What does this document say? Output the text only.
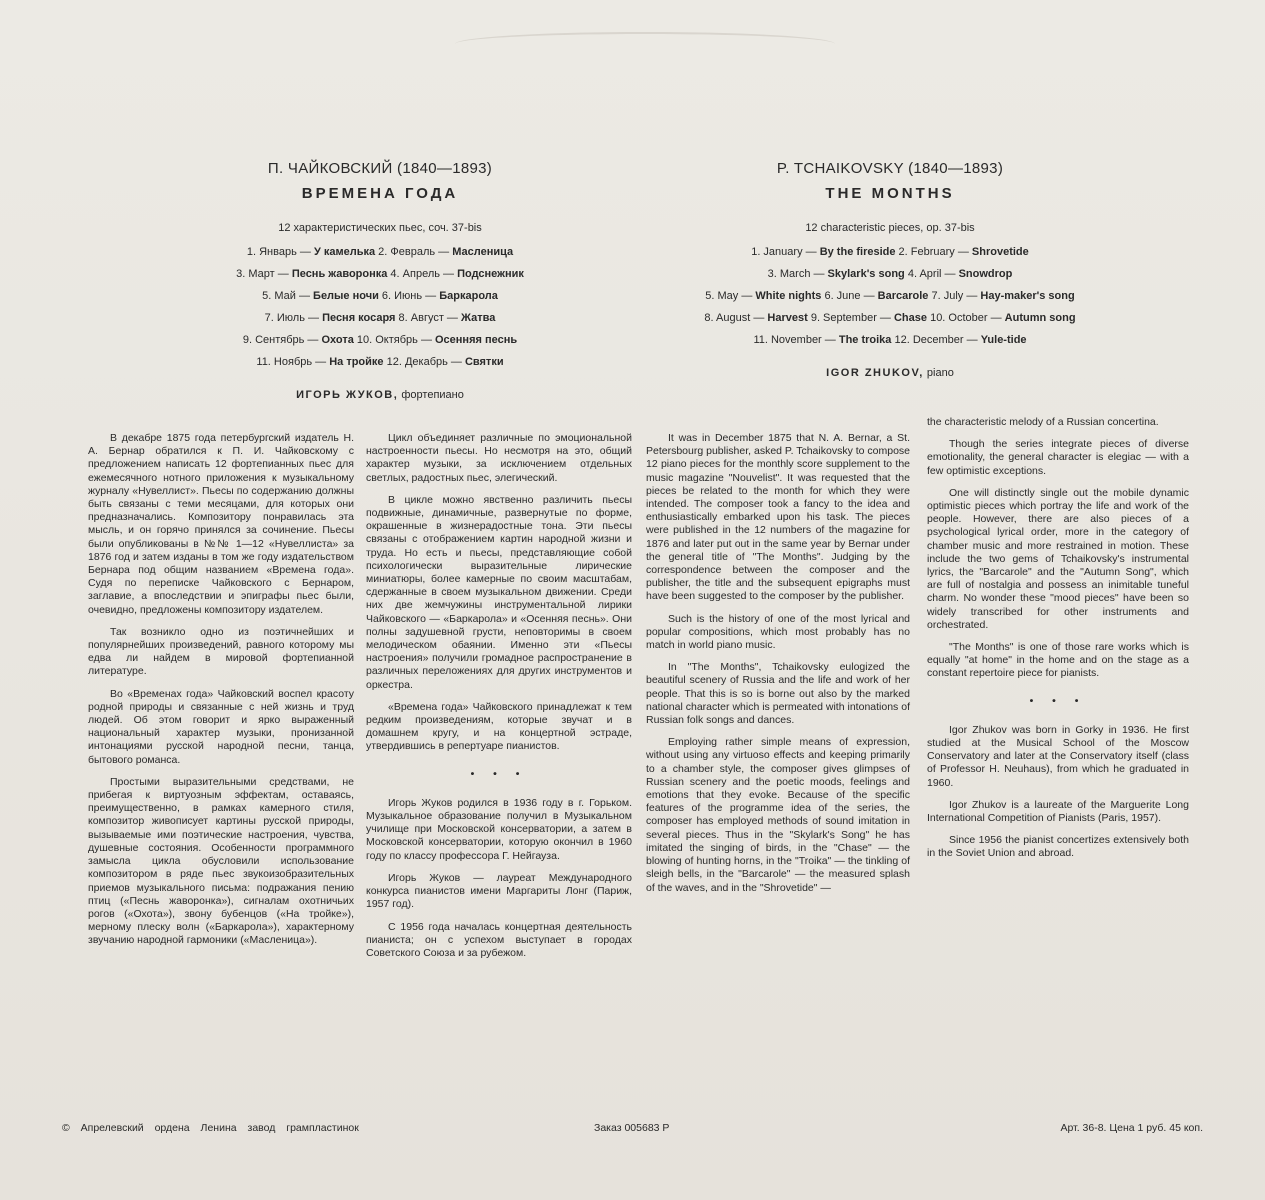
П. ЧАЙКОВСКИЙ (1840—1893)

ВРЕМЕНА ГОДА

12 характеристических пьес, соч. 37-bis

1. Январь — У камелька 2. Февраль — Масленица

3. Март — Песнь жаворонка 4. Апрель — Подснежник

5. Май — Белые ночи 6. Июнь — Баркарола

7. Июль — Песня косаря 8. Август — Жатва

9. Сентябрь — Охота 10. Октябрь — Осенняя песнь

11. Ноябрь — На тройке 12. Декабрь — Святки

ИГОРЬ ЖУКОВ, фортепиано

P. TCHAIKOVSKY (1840—1893)

THE MONTHS

12 characteristic pieces, op. 37-bis

1. January — By the fireside 2. February — Shrovetide

3. March — Skylark's song 4. April — Snowdrop

5. May — White nights 6. June — Barcarole 7. July — Hay-maker's song

8. August — Harvest 9. September — Chase 10. October — Autumn song

11. November — The troika 12. December — Yule-tide

IGOR ZHUKOV, piano

В декабре 1875 года петербургский издатель Н. А. Бернар обратился к П. И. Чайковскому с предложением написать 12 фортепианных пьес для ежемесячного нотного приложения к музыкальному журналу «Нувеллист». Пьесы по содержанию должны быть связаны с теми месяцами, для которых они предназначались. Композитору понравилась эта мысль, и он горячо принялся за сочинение. Пьесы были опубликованы в №№ 1—12 «Нувеллиста» за 1876 год и затем изданы в том же году издательством Бернара под общим названием «Времена года». Судя по переписке Чайковского с Бернаром, заглавие, а впоследствии и эпиграфы пьес были, очевидно, предложены композитору издателем.

Так возникло одно из поэтичнейших и популярнейших произведений, равного которому мы едва ли найдем в мировой фортепианной литературе.

Во «Временах года» Чайковский воспел красоту родной природы и связанные с ней жизнь и труд людей. Об этом говорит и ярко выраженный национальный характер музыки, пронизанной интонациями русской народной песни, танца, бытового романса.

Простыми выразительными средствами, не прибегая к виртуозным эффектам, оставаясь, преимущественно, в рамках камерного стиля, композитор живописует картины русской природы, вызываемые ими поэтические настроения, чувства, душевные состояния. Особенности программного замысла цикла обусловили использование композитором в ряде пьес звукоизобразительных приемов музыкального письма: подражания пению птиц («Песнь жаворонка»), сигналам охотничьих рогов («Охота»), звону бубенцов («На тройке»), мерному плеску волн («Баркарола»), характерному звучанию народной гармоники («Масленица»).

Цикл объединяет различные по эмоциональной настроенности пьесы. Но несмотря на это, общий характер музыки, за исключением отдельных светлых, радостных пьес, элегический.

В цикле можно явственно различить пьесы подвижные, динамичные, развернутые по форме, окрашенные в жизнерадостные тона. Эти пьесы связаны с отображением картин народной жизни и труда. Но есть и пьесы, представляющие собой психологически выразительные лирические миниатюры, более камерные по своим масштабам, сдержанные в своем музыкальном движении. Среди них две жемчужины инструментальной лирики Чайковского — «Баркарола» и «Осенняя песнь». Они полны задушевной грусти, неповторимы в своем мелодическом обаянии. Именно эти «Пьесы настроения» получили громадное распространение в различных переложениях для других инструментов и оркестра.

«Времена года» Чайковского принадлежат к тем редким произведениям, которые звучат и в домашнем кругу, и на концертной эстраде, утвердившись в репертуаре пианистов.

• • •

Игорь Жуков родился в 1936 году в г. Горьком. Музыкальное образование получил в Музыкальном училище при Московской консерватории, а затем в Московской консерватории, которую окончил в 1960 году по классу профессора Г. Нейгауза.

Игорь Жуков — лауреат Международного конкурса пианистов имени Маргариты Лонг (Париж, 1957 год).

С 1956 года началась концертная деятельность пианиста; он с успехом выступает в городах Советского Союза и за рубежом.

It was in December 1875 that N. A. Bernar, a St. Petersbourg publisher, asked P. Tchaikovsky to compose 12 piano pieces for the monthly score supplement to the music magazine "Nouvelist". It was requested that the pieces be related to the month for which they were intended. The composer took a fancy to the idea and enthusiastically embarked upon his task. The pieces were published in the 12 numbers of the magazine for 1876 and later put out in the same year by Bernar under the general title of "The Months". Judging by the correspondence between the composer and the publisher, the title and the subsequent epigraphs must have been suggested to the composer by the publisher.

Such is the history of one of the most lyrical and popular compositions, which most probably has no match in world piano music.

In "The Months", Tchaikovsky eulogized the beautiful scenery of Russia and the life and work of her people. That this is so is borne out also by the marked national character which is permeated with intonations of Russian folk songs and dances.

Employing rather simple means of expression, without using any virtuoso effects and keeping primarily to a chamber style, the composer gives glimpses of Russian scenery and the poetic moods, feelings and emotions that they evoke. Because of the specific features of the programme idea of the series, the composer has employed methods of sound imitation in several pieces. Thus in the "Skylark's Song" he has imitated the singing of birds, in the "Chase" — the blowing of hunting horns, in the "Troika" — the tinkling of sleigh bells, in the "Barcarole" — the measured splash of the waves, and in the "Shrovetide" —

the characteristic melody of a Russian concertina.

Though the series integrate pieces of diverse emotionality, the general character is elegiac — with a few optimistic exceptions.

One will distinctly single out the mobile dynamic optimistic pieces which portray the life and work of the people. However, there are also pieces of a psychological lyrical order, more in the category of chamber music and more restrained in motion. These include the two gems of Tchaikovsky's instrumental lyrics, the "Barcarole" and the "Autumn Song", which are full of nostalgia and possess an inimitable tuneful charm. No wonder these "mood pieces" have been so widely transcribed for other instruments and orchestrated.

"The Months" is one of those rare works which is equally "at home" in the home and on the stage as a constant repertoire piece for pianists.

• • •

Igor Zhukov was born in Gorky in 1936. He first studied at the Musical School of the Moscow Conservatory and later at the Conservatory itself (class of Professor H. Neuhaus), from which he graduated in 1960.

Igor Zhukov is a laureate of the Marguerite Long International Competition of Pianists (Paris, 1957).

Since 1956 the pianist concertizes extensively both in the Soviet Union and abroad.

© Апрелевский ордена Ленина завод грампластинок	Заказ 005683 Р	Арт. 36-8. Цена 1 руб. 45 коп.
